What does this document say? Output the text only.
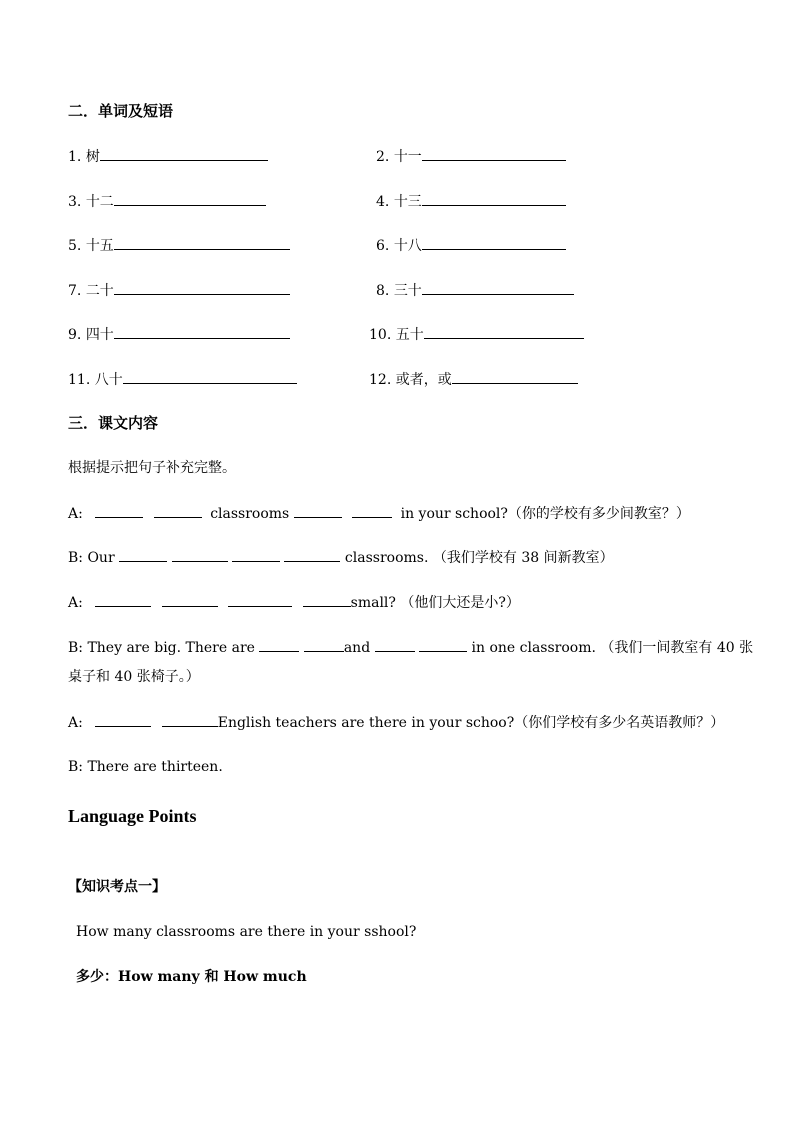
二．单词及短语
1. 树	2. 十一
3. 十二	4. 十三
5. 十五	6. 十八
7. 二十	8. 三十
9. 四十	10. 五十
11. 八十	12. 或者，或
三．课文内容
根据提示把句子补充完整。
A:	classrooms	in your school?（你的学校有多少间教室？）
B: Our	classrooms. （我们学校有 38 间新教室）
A:	small? （他们大还是小?）
B: They are big. There are	and	in one classroom. （我们一间教室有 40 张
桌子和 40 张椅子。）
A:	English teachers are there in your schoo?（你们学校有多少名英语教师？）
B: There are thirteen.
Language Points
【知识考点一】
How many classrooms are there in your sshool?
多少：How many 和 How much
